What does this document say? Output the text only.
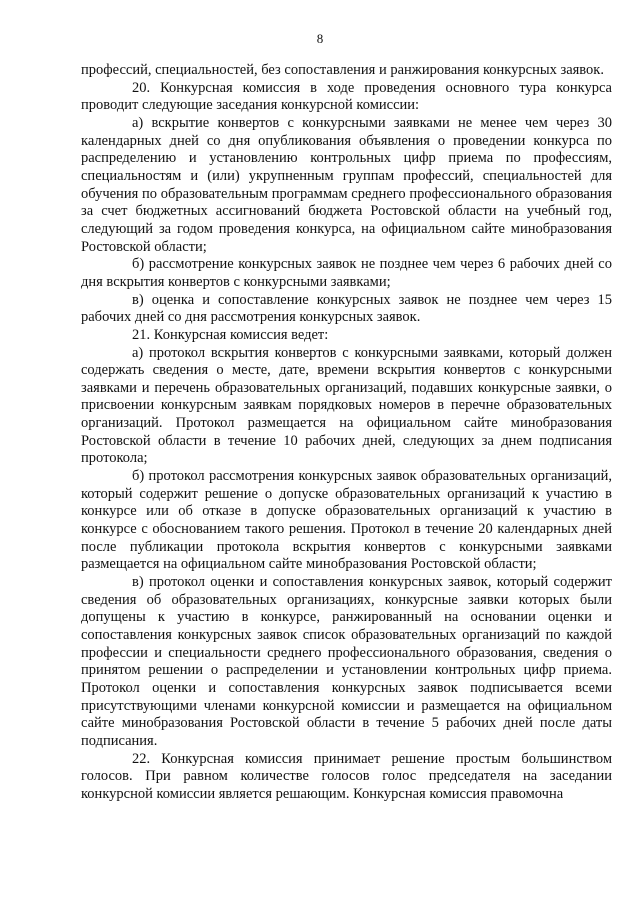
8

профессий, специальностей, без сопоставления и ранжирования конкурсных заявок.

20. Конкурсная комиссия в ходе проведения основного тура конкурса проводит следующие заседания конкурсной комиссии:

а) вскрытие конвертов с конкурсными заявками не менее чем через 30 календарных дней со дня опубликования объявления о проведении конкурса по распределению и установлению контрольных цифр приема по профессиям, специальностям и (или) укрупненным группам профессий, специальностей для обучения по образовательным программам среднего профессионального образования за счет бюджетных ассигнований бюджета Ростовской области на учебный год, следующий за годом проведения конкурса, на официальном сайте минобразования Ростовской области;

б) рассмотрение конкурсных заявок не позднее чем через 6 рабочих дней со дня вскрытия конвертов с конкурсными заявками;

в) оценка и сопоставление конкурсных заявок не позднее чем через 15 рабочих дней со дня рассмотрения конкурсных заявок.

21. Конкурсная комиссия ведет:

а) протокол вскрытия конвертов с конкурсными заявками, который должен содержать сведения о месте, дате, времени вскрытия конвертов с конкурсными заявками и перечень образовательных организаций, подавших конкурсные заявки, о присвоении конкурсным заявкам порядковых номеров в перечне образовательных организаций. Протокол размещается на официальном сайте минобразования Ростовской области в течение 10 рабочих дней, следующих за днем подписания протокола;

б) протокол рассмотрения конкурсных заявок образовательных организаций, который содержит решение о допуске образовательных организаций к участию в конкурсе или об отказе в допуске образовательных организаций к участию в конкурсе с обоснованием такого решения. Протокол в течение 20 календарных дней после публикации протокола вскрытия конвертов с конкурсными заявками размещается на официальном сайте минобразования Ростовской области;

в) протокол оценки и сопоставления конкурсных заявок, который содержит сведения об образовательных организациях, конкурсные заявки которых были допущены к участию в конкурсе, ранжированный на основании оценки и сопоставления конкурсных заявок список образовательных организаций по каждой профессии и специальности среднего профессионального образования, сведения о принятом решении о распределении и установлении контрольных цифр приема. Протокол оценки и сопоставления конкурсных заявок подписывается всеми присутствующими членами конкурсной комиссии и размещается на официальном сайте минобразования Ростовской области в течение 5 рабочих дней после даты подписания.

22. Конкурсная комиссия принимает решение простым большинством голосов. При равном количестве голосов голос председателя на заседании конкурсной комиссии является решающим. Конкурсная комиссия правомочна
